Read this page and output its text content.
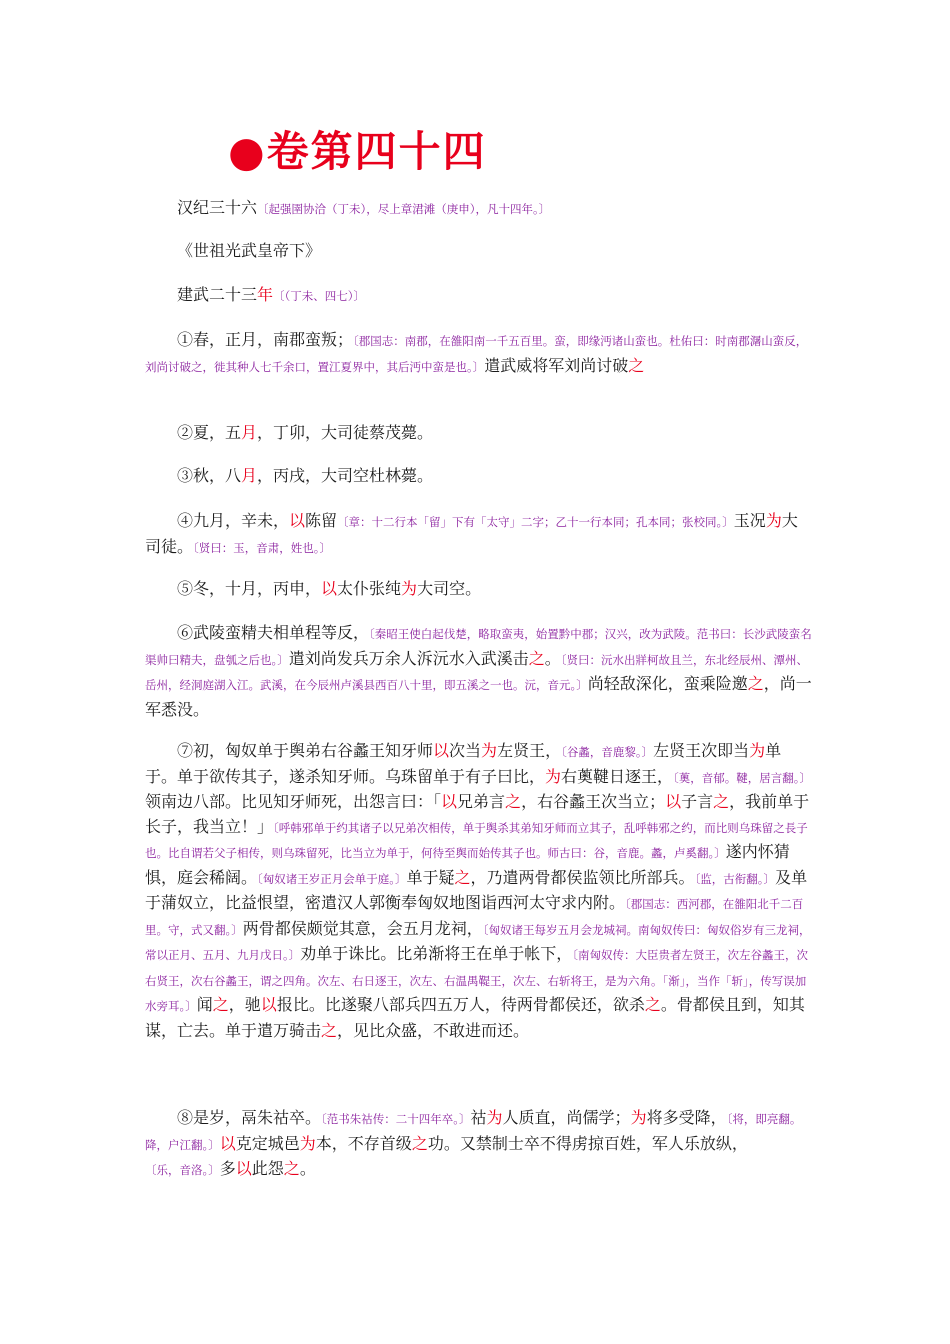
●卷第四十四

汉纪三十六〔起强圉协洽（丁未），尽上章涒滩（庚申），凡十四年。〕

《世祖光武皇帝下》

建武二十三年〔（丁未、四七）〕

①春，正月，南郡蛮叛；〔郡国志：南郡，在雒阳南一千五百里。蛮，即缘沔诸山蛮也。杜佑曰：时南郡潳山蛮反，刘尚讨破之，徙其种人七千余口，置江夏界中，其后沔中蛮是也。〕遣武威将军刘尚讨破之

②夏，五月，丁卯，大司徒蔡茂薨。

③秋，八月，丙戌，大司空杜林薨。

④九月，辛未，以陈留〔章：十二行本「留」下有「太守」二字；乙十一行本同；孔本同；张校同。〕玉况为大司徒。〔贤曰：玉，音肃，姓也。〕

⑤冬，十月，丙申，以太仆张纯为大司空。

⑥武陵蛮精夫相单程等反，〔秦昭王使白起伐楚，略取蛮夷，始置黔中郡；汉兴，改为武陵。范书曰：长沙武陵蛮名渠帅曰精夫，盘瓠之后也。〕遣刘尚发兵万余人泝沅水入武溪击之。〔贤曰：沅水出牂柯故且兰，东北经辰州、潭州、岳州，经洞庭湖入江。武溪，在今辰州卢溪县西百八十里，即五溪之一也。沅，音元。〕尚轻敌深化，蛮乘险邀之，尚一军悉没。

⑦初，匈奴单于舆弟右谷蠡王知牙师以次当为左贤王，〔谷蠡，音鹿黎。〕左贤王次即当为单于。单于欲传其子，遂杀知牙师。乌珠留单于有子曰比，为右薁鞬日逐王，〔薁，音郁。鞬，居言翻。〕领南边八部。比见知牙师死，出怨言曰：「以兄弟言之，右谷蠡王次当立；以子言之，我前单于长子，我当立！」〔呼韩邪单于约其诸子以兄弟次相传，单于舆杀其弟知牙师而立其子，乱呼韩邪之约，而比则乌珠留之長子也。比自谓若父子相传，则乌珠留死，比当立为单于，何待至舆而始传其子也。师古曰：谷，音鹿。蠡，卢奚翻。〕遂内怀猜惧，庭会稀阔。〔匈奴诸王岁正月会单于庭。〕单于疑之，乃遣两骨都侯监领比所部兵。〔监，古衔翻。〕及单于蒲奴立，比益恨望，密遣汉人郭衡奉匈奴地图诣西河太守求内附。〔郡国志：西河郡，在雒阳北千二百里。守，式又翻。〕两骨都侯颇觉其意，会五月龙祠，〔匈奴诸王每岁五月会龙城祠。南匈奴传曰：匈奴俗岁有三龙祠，常以正月、五月、九月戊日。〕劝单于诛比。比弟渐将王在单于帐下，〔南匈奴传：大臣贵者左贤王，次左谷蠡王，次右贤王，次右谷蠡王，谓之四角。次左、右日逐王，次左、右温禺鞮王，次左、右斩将王，是为六角。「渐」，当作「斩」，传写误加水旁耳。〕闻之，驰以报比。比遂聚八部兵四五万人，待两骨都侯还，欲杀之。骨都侯且到，知其谋，亡去。单于遣万骑击之，见比众盛，不敢进而还。

⑧是岁，鬲朱祜卒。〔范书朱祜传：二十四年卒。〕祜为人质直，尚儒学；为将多受降，〔将，即亮翻。降，户江翻。〕以克定城邑为本，不存首级之功。又禁制士卒不得虏掠百姓，军人乐放纵，〔乐，音洛。〕多以此怨之。
